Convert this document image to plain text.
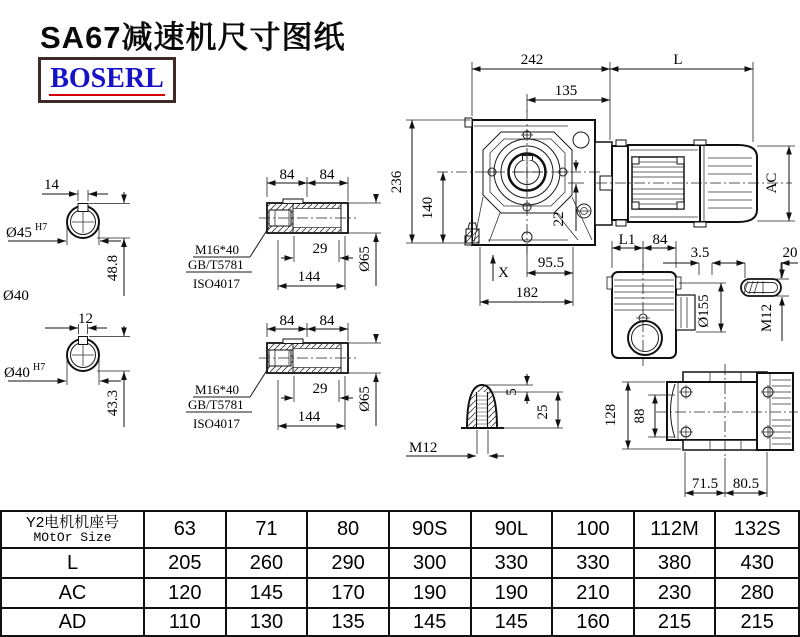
SA67减速机尺寸图纸
BOSERL
14
Ø45 H7
48.8
Ø40
12
Ø40 H7
43.3
84 84
29
144
Ø65
M16*40
GB/T5781
ISO4017
84 84
29
144
Ø65
M16*40
GB/T5781
ISO4017
242	L
135
236
140	22
AC
95.5
182
X
L1 84
Ø155
3.5	20
M12
128 88
71.5 80.5
5
25
M12
Y2电机机座号
MOtOr Size	63	71	80	90S	90L	100	112M	132S
L	205	260	290	300	330	330	380	430
AC	120	145	170	190	190	210	230	280
AD	110	130	135	145	145	160	215	215
